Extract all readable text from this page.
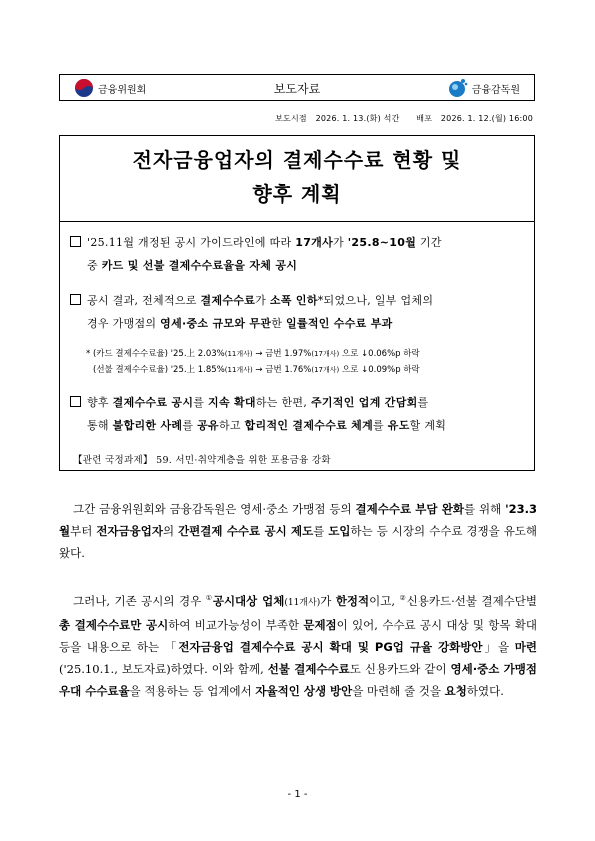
금융위원회	보도자료	금융감독원
보도시점 2026. 1. 13.(화) 석간 배포 2026. 1. 12.(월) 16:00
전자금융업자의 결제수수료 현황 및
향후 계획
'25.11월 개정된 공시 가이드라인에 따라 17개사가 '25.8~10월 기간
중 카드 및 선불 결제수수료율을 자체 공시
공시 결과, 전체적으로 결제수수료가 소폭 인하*되었으나, 일부 업체의
경우 가맹점의 영세·중소 규모와 무관한 일률적인 수수료 부과
* (카드 결제수수료율) '25.上 2.03%(11개사) → 금번 1.97%(17개사) 으로 ↓0.06%p 하락
(선불 결제수수료율) '25.上 1.85%(11개사) → 금번 1.76%(17개사) 으로 ↓0.09%p 하락
향후 결제수수료 공시를 지속 확대하는 한편, 주기적인 업계 간담회를
통해 불합리한 사례를 공유하고 합리적인 결제수수료 체계를 유도할 계획
【관련 국정과제】 59. 서민·취약계층을 위한 포용금융 강화
그간 금융위원회와 금융감독원은 영세·중소 가맹점 등의 결제수수료 부담 완화를 위해 '23.3월부터 전자금융업자의 간편결제 수수료 공시 제도를 도입하는 등 시장의 수수료 경쟁을 유도해 왔다.
그러나, 기존 공시의 경우 ①공시대상 업체(11개사)가 한정적이고, ②신용카드·선불 결제수단별 총 결제수수료만 공시하여 비교가능성이 부족한 문제점이 있어, 수수료 공시 대상 및 항목 확대 등을 내용으로 하는 「전자금융업 결제수수료 공시 확대 및 PG업 규율 강화방안」을 마련('25.10.1., 보도자료)하였다. 이와 함께, 선불 결제수수료도 신용카드와 같이 영세·중소 가맹점 우대 수수료율을 적용하는 등 업계에서 자율적인 상생 방안을 마련해 줄 것을 요청하였다.
- 1 -
